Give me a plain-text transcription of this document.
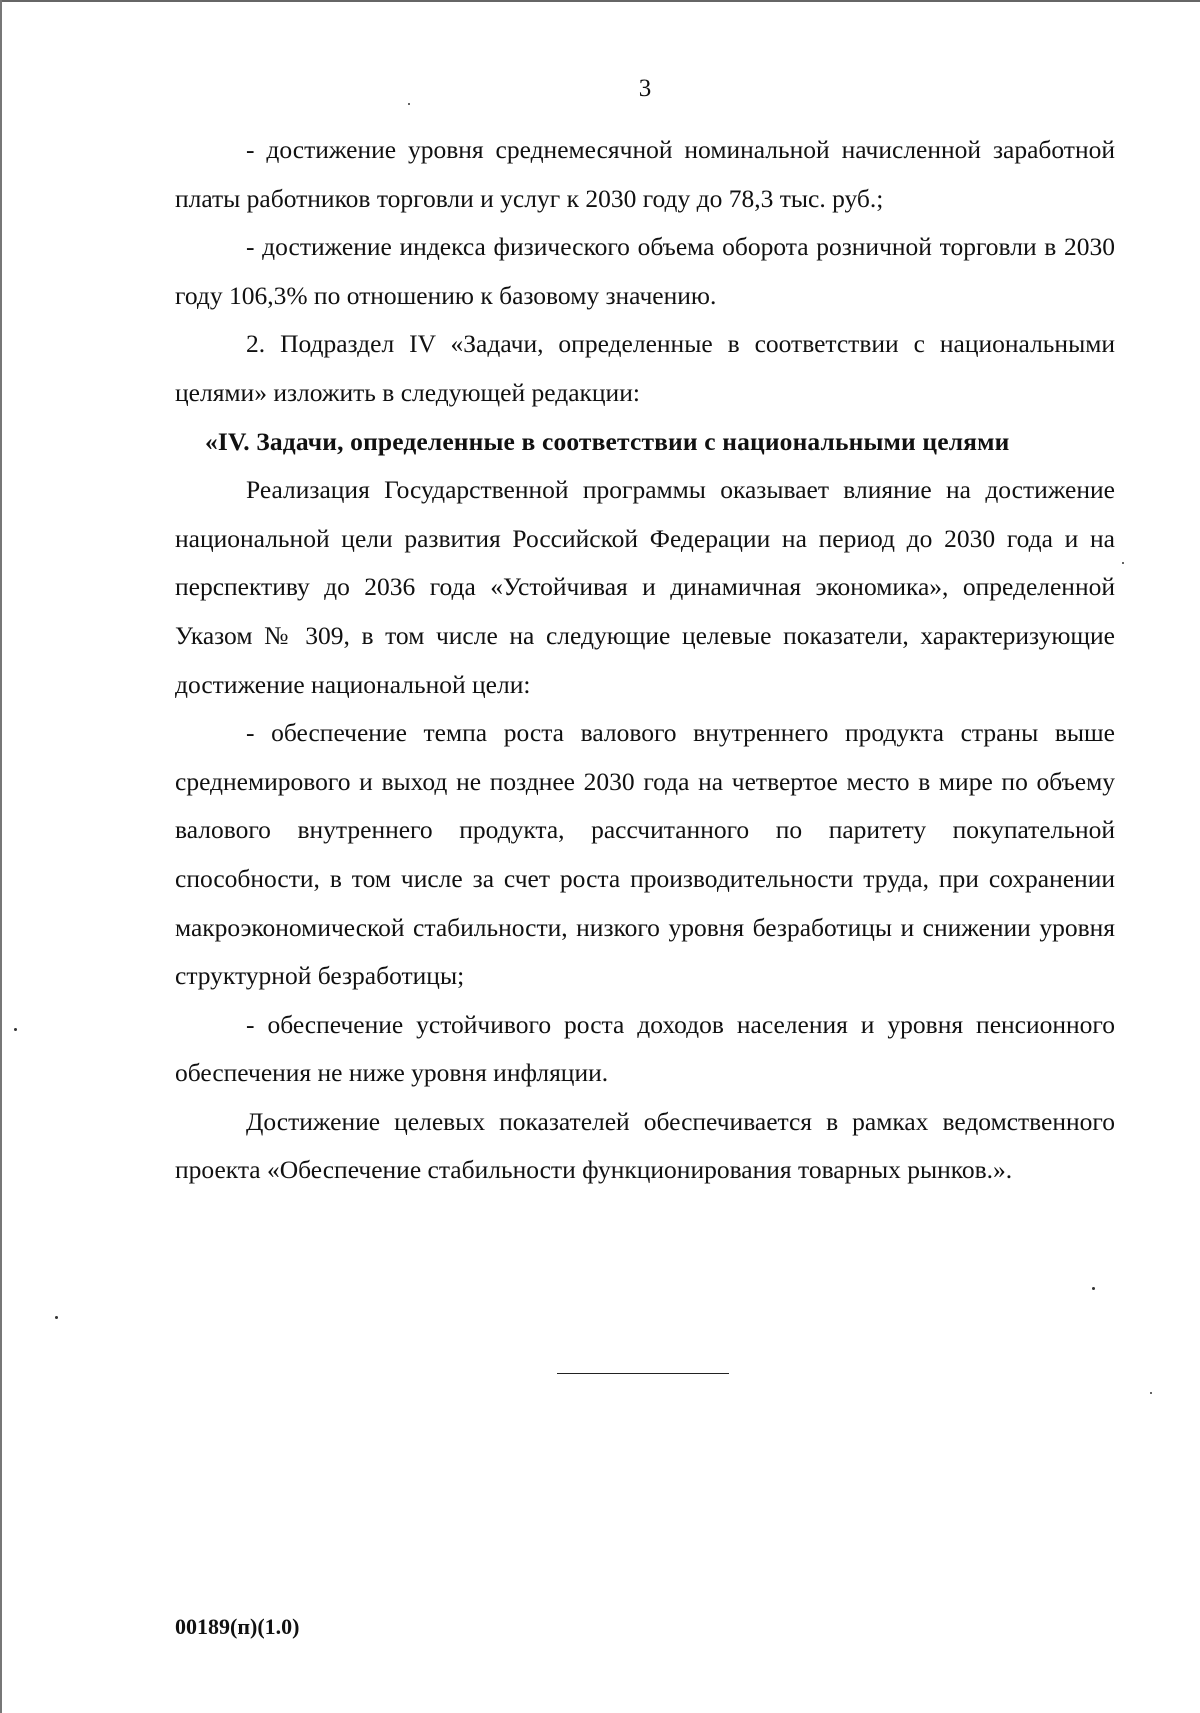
3

- достижение уровня среднемесячной номинальной начисленной заработной платы работников торговли и услуг к 2030 году до 78,3 тыс. руб.;

- достижение индекса физического объема оборота розничной торговли в 2030 году 106,3% по отношению к базовому значению.

2. Подраздел IV «Задачи, определенные в соответствии с национальными целями» изложить в следующей редакции:

«IV. Задачи, определенные в соответствии с национальными целями

Реализация Государственной программы оказывает влияние на достижение национальной цели развития Российской Федерации на период до 2030 года и на перспективу до 2036 года «Устойчивая и динамичная экономика», определенной Указом № 309, в том числе на следующие целевые показатели, характеризующие достижение национальной цели:

- обеспечение темпа роста валового внутреннего продукта страны выше среднемирового и выход не позднее 2030 года на четвертое место в мире по объему валового внутреннего продукта, рассчитанного по паритету покупательной способности, в том числе за счет роста производительности труда, при сохранении макроэкономической стабильности, низкого уровня безработицы и снижении уровня структурной безработицы;

- обеспечение устойчивого роста доходов населения и уровня пенсионного обеспечения не ниже уровня инфляции.

Достижение целевых показателей обеспечивается в рамках ведомственного проекта «Обеспечение стабильности функционирования товарных рынков.».

00189(п)(1.0)
